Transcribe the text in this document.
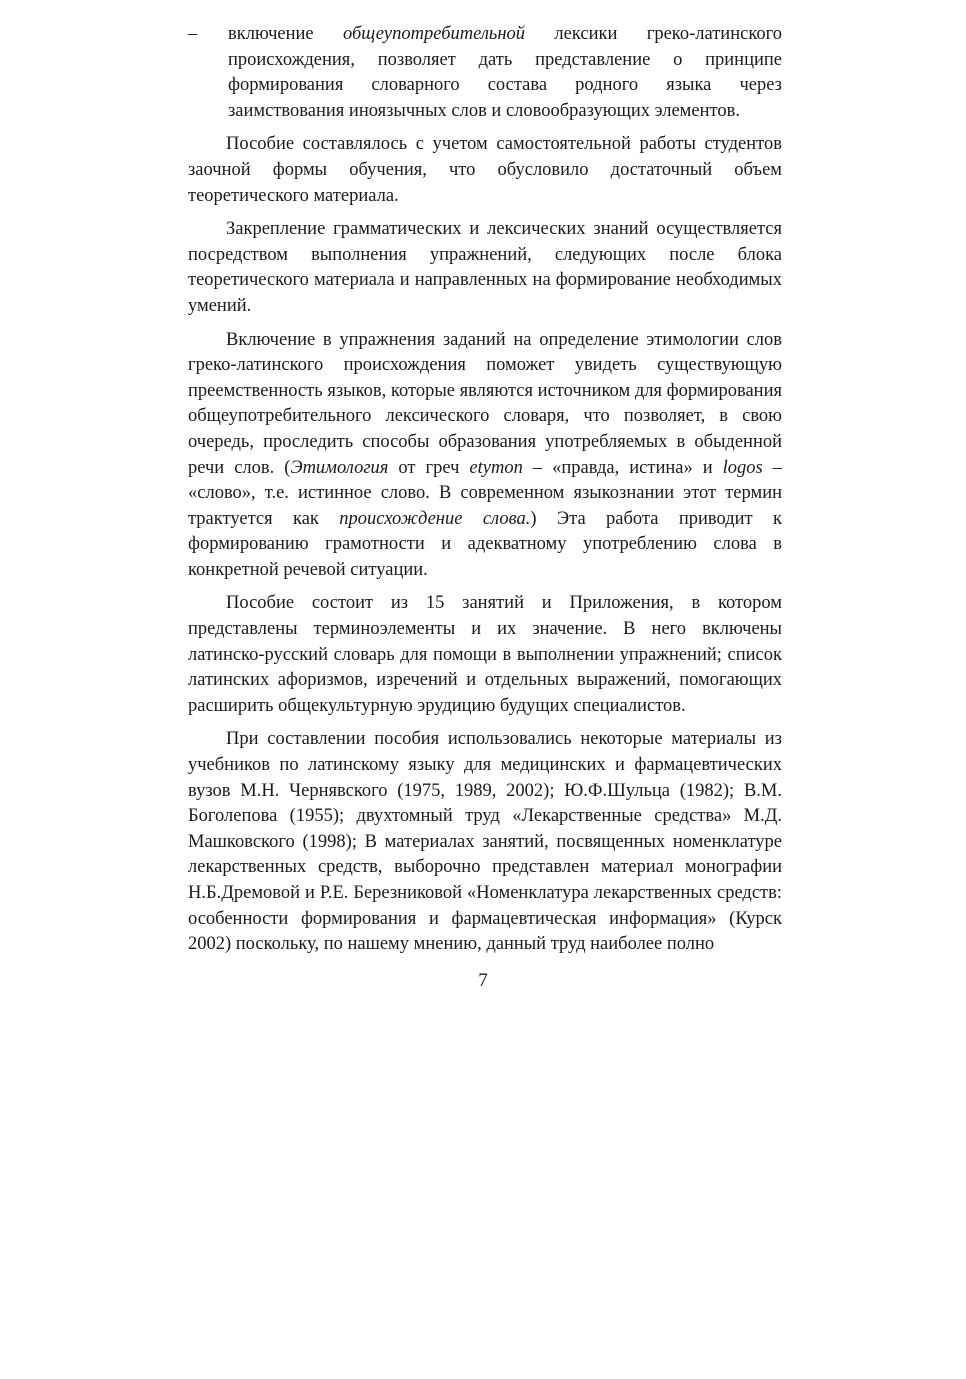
– включение общеупотребительной лексики греко-латинского происхождения, позволяет дать представление о принципе формирования словарного состава родного языка через заимствования иноязычных слов и словообразующих элементов.

Пособие составлялось с учетом самостоятельной работы студентов заочной формы обучения, что обусловило достаточный объем теоретического материала.

Закрепление грамматических и лексических знаний осуществляется посредством выполнения упражнений, следующих после блока теоретического материала и направленных на формирование необходимых умений.

Включение в упражнения заданий на определение этимологии слов греко-латинского происхождения поможет увидеть существующую преемственность языков, которые являются источником для формирования общеупотребительного лексического словаря, что позволяет, в свою очередь, проследить способы образования употребляемых в обыденной речи слов. (Этимология от греч etymon – «правда, истина» и logos – «слово», т.е. истинное слово. В современном языкознании этот термин трактуется как происхождение слова.) Эта работа приводит к формированию грамотности и адекватному употреблению слова в конкретной речевой ситуации.

Пособие состоит из 15 занятий и Приложения, в котором представлены терминоэлементы и их значение. В него включены латинско-русский словарь для помощи в выполнении упражнений; список латинских афоризмов, изречений и отдельных выражений, помогающих расширить общекультурную эрудицию будущих специалистов.

При составлении пособия использовались некоторые материалы из учебников по латинскому языку для медицинских и фармацевтических вузов М.Н. Чернявского (1975, 1989, 2002); Ю.Ф.Шульца (1982); В.М. Боголепова (1955); двухтомный труд «Лекарственные средства» М.Д. Машковского (1998); В материалах занятий, посвященных номенклатуре лекарственных средств, выборочно представлен материал монографии Н.Б.Дремовой и Р.Е. Березниковой «Номенклатура лекарственных средств: особенности формирования и фармацевтическая информация» (Курск 2002) поскольку, по нашему мнению, данный труд наиболее полно

7
